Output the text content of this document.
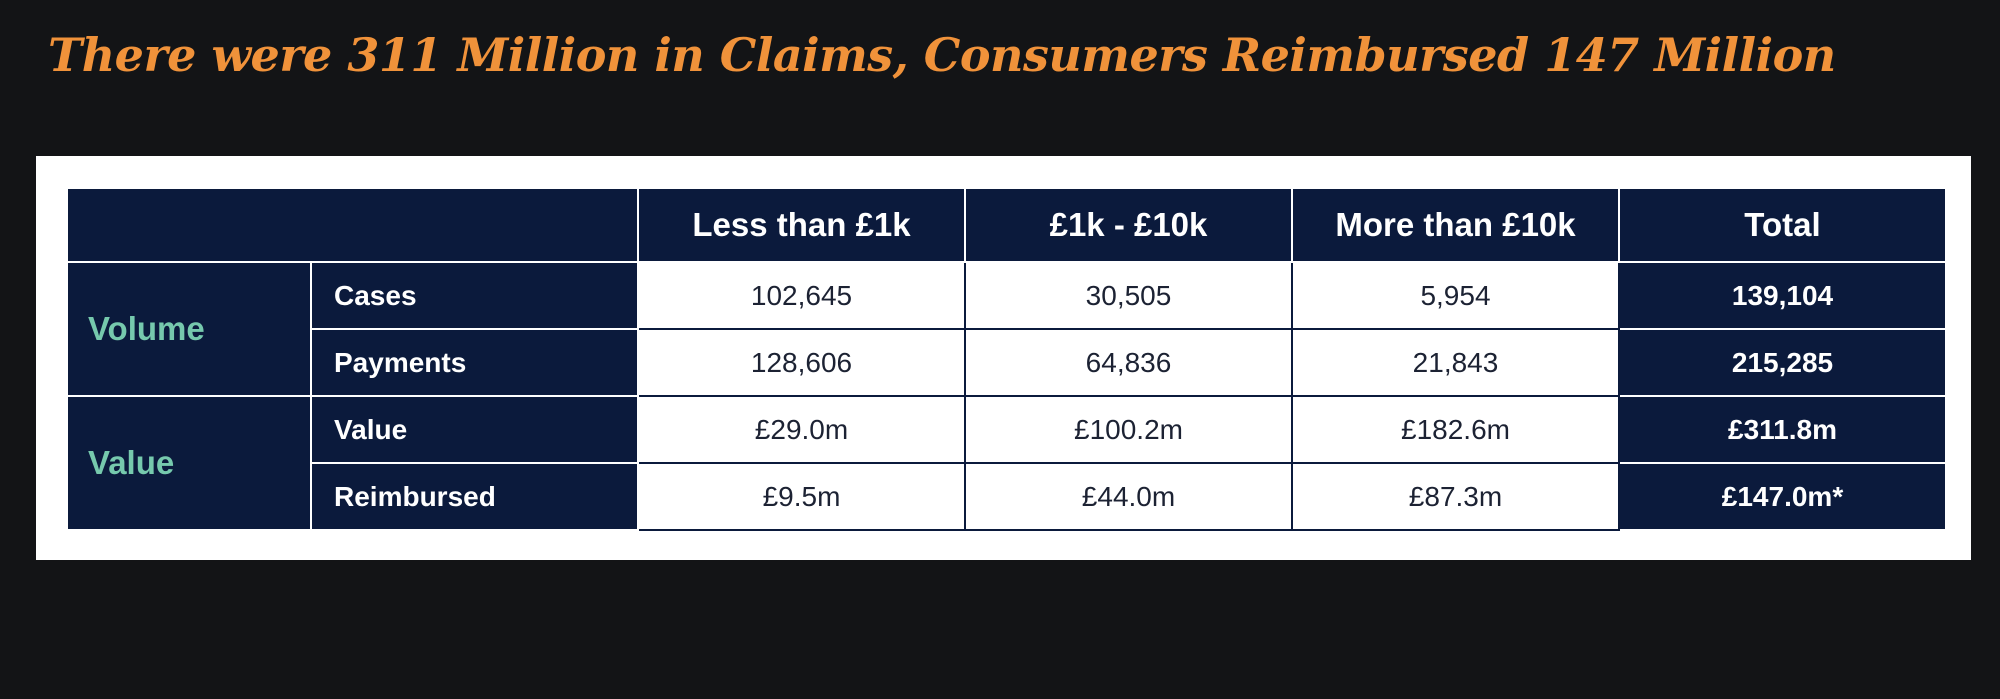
There were 311 Million in Claims, Consumers Reimbursed 147 Million
		Less than £1k	£1k - £10k	More than £10k	Total
Volume	Cases	102,645	30,505	5,954	139,104
	Payments	128,606	64,836	21,843	215,285
Value	Value	£29.0m	£100.2m	£182.6m	£311.8m
	Reimbursed	£9.5m	£44.0m	£87.3m	£147.0m*
